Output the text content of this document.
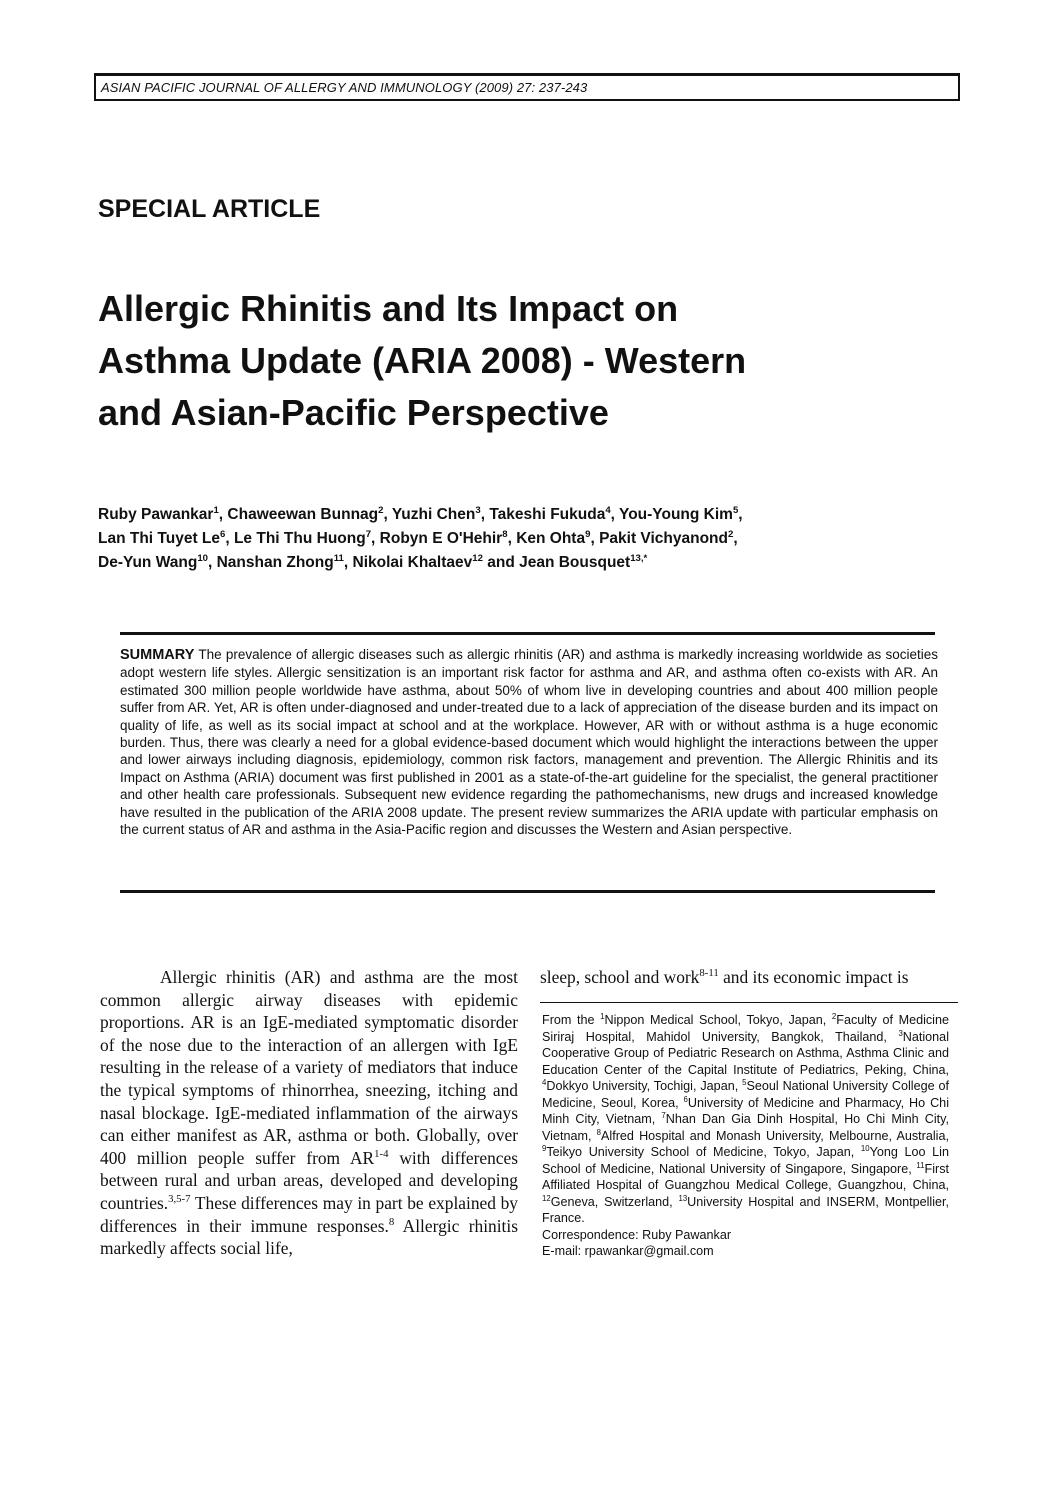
ASIAN PACIFIC JOURNAL OF ALLERGY AND IMMUNOLOGY (2009) 27: 237-243
SPECIAL ARTICLE
Allergic Rhinitis and Its Impact on
Asthma Update (ARIA 2008) - Western
and Asian-Pacific Perspective
Ruby Pawankar$^1$, Chaweewan Bunnag$^2$, Yuzhi Chen$^3$, Takeshi Fukuda$^4$, You-Young Kim$^5$,
Lan Thi Tuyet Le$^6$, Le Thi Thu Huong$^7$, Robyn E O'Hehir$^8$, Ken Ohta$^9$, Pakit Vichyanond$^2$,
De-Yun Wang$^{10}$, Nanshan Zhong$^{11}$, Nikolai Khaltaev$^{12}$ and Jean Bousquet$^{13,*}$
SUMMARY The prevalence of allergic diseases such as allergic rhinitis (AR) and asthma is markedly increasing worldwide as societies adopt western life styles. Allergic sensitization is an important risk factor for asthma and AR, and asthma often co-exists with AR. An estimated 300 million people worldwide have asthma, about 50% of whom live in developing countries and about 400 million people suffer from AR. Yet, AR is often under-diagnosed and under-treated due to a lack of appreciation of the disease burden and its impact on quality of life, as well as its social impact at school and at the workplace. However, AR with or without asthma is a huge economic burden. Thus, there was clearly a need for a global evidence-based document which would highlight the interactions between the upper and lower airways including diagnosis, epidemiology, common risk factors, management and prevention. The Allergic Rhinitis and its Impact on Asthma (ARIA) document was first published in 2001 as a state-of-the-art guideline for the specialist, the general practitioner and other health care professionals. Subsequent new evidence regarding the pathomechanisms, new drugs and increased knowledge have resulted in the publication of the ARIA 2008 update. The present review summarizes the ARIA update with particular emphasis on the current status of AR and asthma in the Asia-Pacific region and discusses the Western and Asian perspective.

Allergic rhinitis (AR) and asthma are the most common allergic airway diseases with epidemic proportions. AR is an IgE-mediated symptomatic disorder of the nose due to the interaction of an allergen with IgE resulting in the release of a variety of mediators that induce the typical symptoms of rhinorrhea, sneezing, itching and nasal blockage. IgE-mediated inflammation of the airways can either manifest as AR, asthma or both. Globally, over 400 million people suffer from AR$^{1-4}$ with differences between rural and urban areas, developed and developing countries.$^{3,5-7}$ These differences may in part be explained by differences in their immune responses.$^8$ Allergic rhinitis markedly affects social life,

sleep, school and work$^{8-11}$ and its economic impact is
From the $^1$Nippon Medical School, Tokyo, Japan, $^2$Faculty of Medicine Siriraj Hospital, Mahidol University, Bangkok, Thailand, $^3$National Cooperative Group of Pediatric Research on Asthma, Asthma Clinic and Education Center of the Capital Institute of Pediatrics, Peking, China, $^4$Dokkyo University, Tochigi, Japan, $^5$Seoul National University College of Medicine, Seoul, Korea, $^6$University of Medicine and Pharmacy, Ho Chi Minh City, Vietnam, $^7$Nhan Dan Gia Dinh Hospital, Ho Chi Minh City, Vietnam, $^8$Alfred Hospital and Monash University, Melbourne, Australia, $^9$Teikyo University School of Medicine, Tokyo, Japan, $^{10}$Yong Loo Lin School of Medicine, National University of Singapore, Singapore, $^{11}$First Affiliated Hospital of Guangzhou Medical College, Guangzhou, China, $^{12}$Geneva, Switzerland, $^{13}$University Hospital and INSERM, Montpellier, France.

Correspondence: Ruby Pawankar

E-mail: rpawankar@gmail.com
